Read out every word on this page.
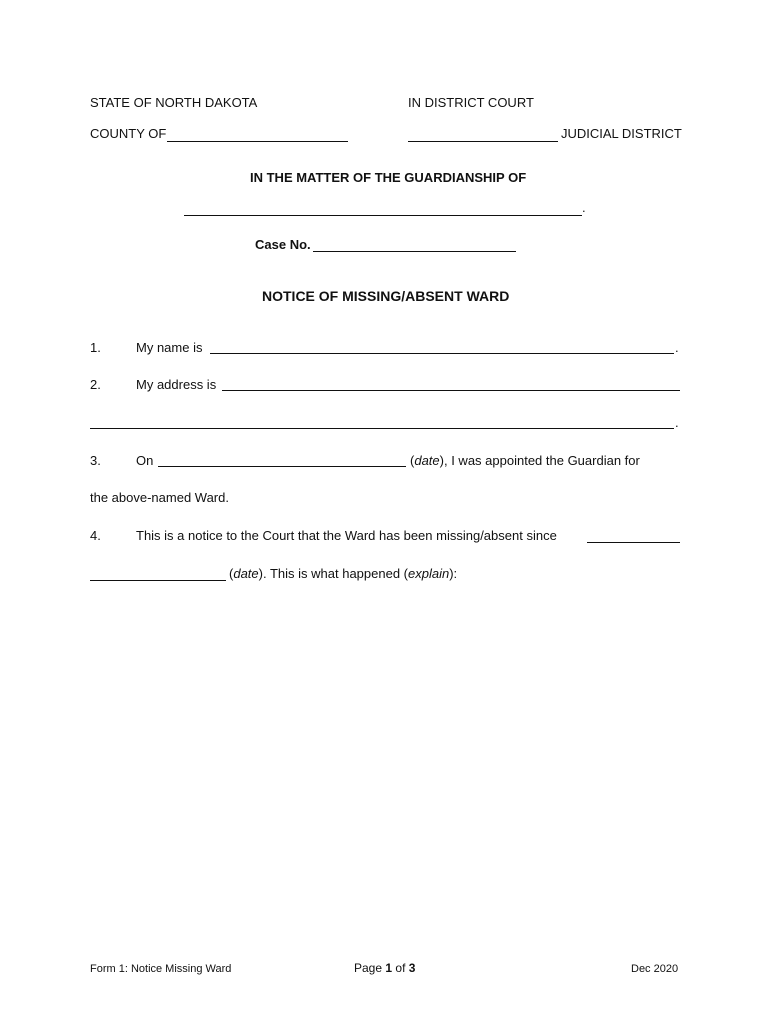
STATE OF NORTH DAKOTA	IN DISTRICT COURT
COUNTY OF	JUDICIAL DISTRICT
IN THE MATTER OF THE GUARDIANSHIP OF
.
Case No.
NOTICE OF MISSING/ABSENT WARD
1.	My name is	.
2.	My address is
.
3.	On	(date), I was appointed the Guardian for
the above-named Ward.
4.	This is a notice to the Court that the Ward has been missing/absent since
(date). This is what happened (explain):
Form 1: Notice Missing Ward	Page 1 of 3	Dec 2020
